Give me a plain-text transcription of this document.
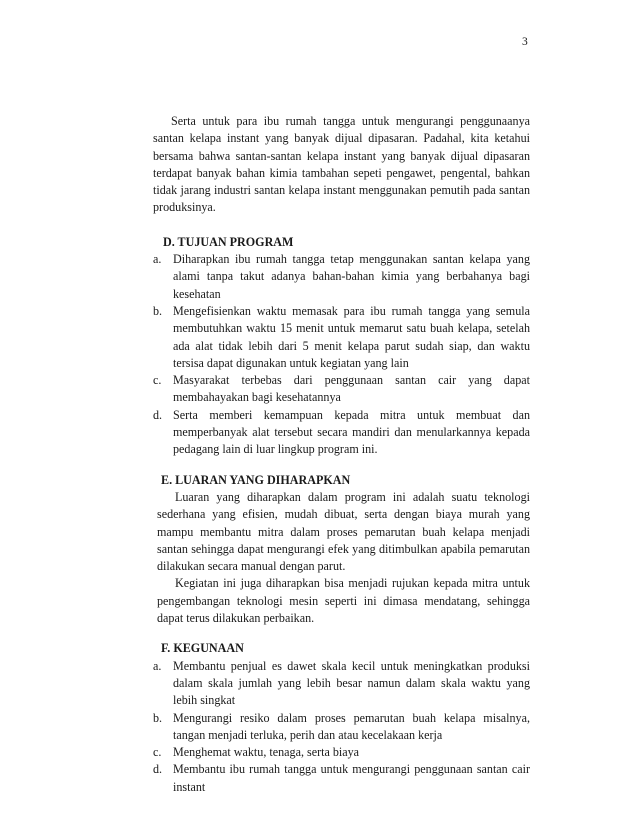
3

Serta untuk para ibu rumah tangga untuk mengurangi penggunaanya santan kelapa instant yang banyak dijual dipasaran. Padahal, kita ketahui bersama bahwa santan-santan kelapa instant yang banyak dijual dipasaran terdapat banyak bahan kimia tambahan sepeti pengawet, pengental, bahkan tidak jarang industri santan kelapa instant menggunakan pemutih pada santan produksinya.

D. TUJUAN PROGRAM

a. Diharapkan ibu rumah tangga tetap menggunakan santan kelapa yang alami tanpa takut adanya bahan-bahan kimia yang berbahanya bagi kesehatan
b. Mengefisienkan waktu memasak para ibu rumah tangga yang semula membutuhkan waktu 15 menit untuk memarut satu buah kelapa, setelah ada alat tidak lebih dari 5 menit kelapa parut sudah siap, dan waktu tersisa dapat digunakan untuk kegiatan yang lain
c. Masyarakat terbebas dari penggunaan santan cair yang dapat membahayakan bagi kesehatannya
d. Serta memberi kemampuan kepada mitra untuk membuat dan memperbanyak alat tersebut secara mandiri dan menularkannya kepada pedagang lain di luar lingkup program ini.

E. LUARAN YANG DIHARAPKAN

Luaran yang diharapkan dalam program ini adalah suatu teknologi sederhana yang efisien, mudah dibuat, serta dengan biaya murah yang mampu membantu mitra dalam proses pemarutan buah kelapa menjadi santan sehingga dapat mengurangi efek yang ditimbulkan apabila pemarutan dilakukan secara manual dengan parut.

Kegiatan ini juga diharapkan bisa menjadi rujukan kepada mitra untuk pengembangan teknologi mesin seperti ini dimasa mendatang, sehingga dapat terus dilakukan perbaikan.

F. KEGUNAAN

a. Membantu penjual es dawet skala kecil untuk meningkatkan produksi dalam skala jumlah yang lebih besar namun dalam skala waktu yang lebih singkat
b. Mengurangi resiko dalam proses pemarutan buah kelapa misalnya, tangan menjadi terluka, perih dan atau kecelakaan kerja
c. Menghemat waktu, tenaga, serta biaya
d. Membantu ibu rumah tangga untuk mengurangi penggunaan santan cair instant
